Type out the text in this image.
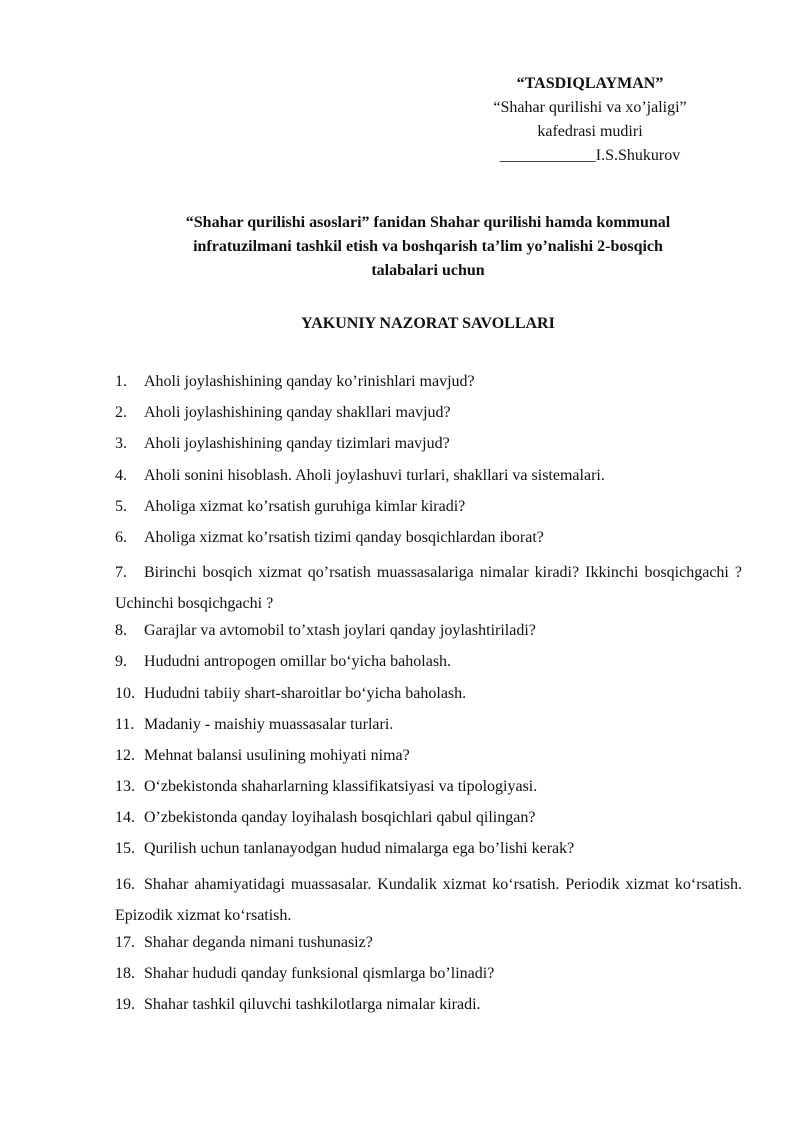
“TASDIQLAYMAN”
“Shahar qurilishi va xo’jaligi”
kafedrasi mudiri
____________I.S.Shukurov
“Shahar qurilishi asoslari” fanidan Shahar qurilishi hamda kommunal
infratuzilmani tashkil etish va boshqarish ta’lim yo’nalishi 2-bosqich
talabalari uchun
YAKUNIY NAZORAT SAVOLLARI
1. Aholi joylashishining qanday ko’rinishlari mavjud?
2. Aholi joylashishining qanday shakllari mavjud?
3. Aholi joylashishining qanday tizimlari mavjud?
4. Aholi sonini hisoblash. Aholi joylashuvi turlari, shakllari va sistemalari.
5. Aholiga xizmat ko’rsatish guruhiga kimlar kiradi?
6. Aholiga xizmat ko’rsatish tizimi qanday bosqichlardan iborat?
7. Birinchi bosqich xizmat qo’rsatish muassasalariga nimalar kiradi? Ikkinchi bosqichgachi ? Uchinchi bosqichgachi ?
8. Garajlar va avtomobil to’xtash joylari qanday joylashtiriladi?
9. Hududni antropogen omillar bo‘yicha baholash.
10. Hududni tabiiy shart-sharoitlar bo‘yicha baholash.
11. Madaniy - maishiy muassasalar turlari.
12. Mehnat balansi usulining mohiyati nima?
13. O‘zbekistonda shaharlarning klassifikatsiyasi va tipologiyasi.
14. O’zbekistonda qanday loyihalash bosqichlari qabul qilingan?
15. Qurilish uchun tanlanayodgan hudud nimalarga ega bo’lishi kerak?
16. Shahar ahamiyatidagi muassasalar. Kundalik xizmat ko‘rsatish. Periodik xizmat ko‘rsatish. Epizodik xizmat ko‘rsatish.
17. Shahar deganda nimani tushunasiz?
18. Shahar hududi qanday funksional qismlarga bo’linadi?
19. Shahar tashkil qiluvchi tashkilotlarga nimalar kiradi.
